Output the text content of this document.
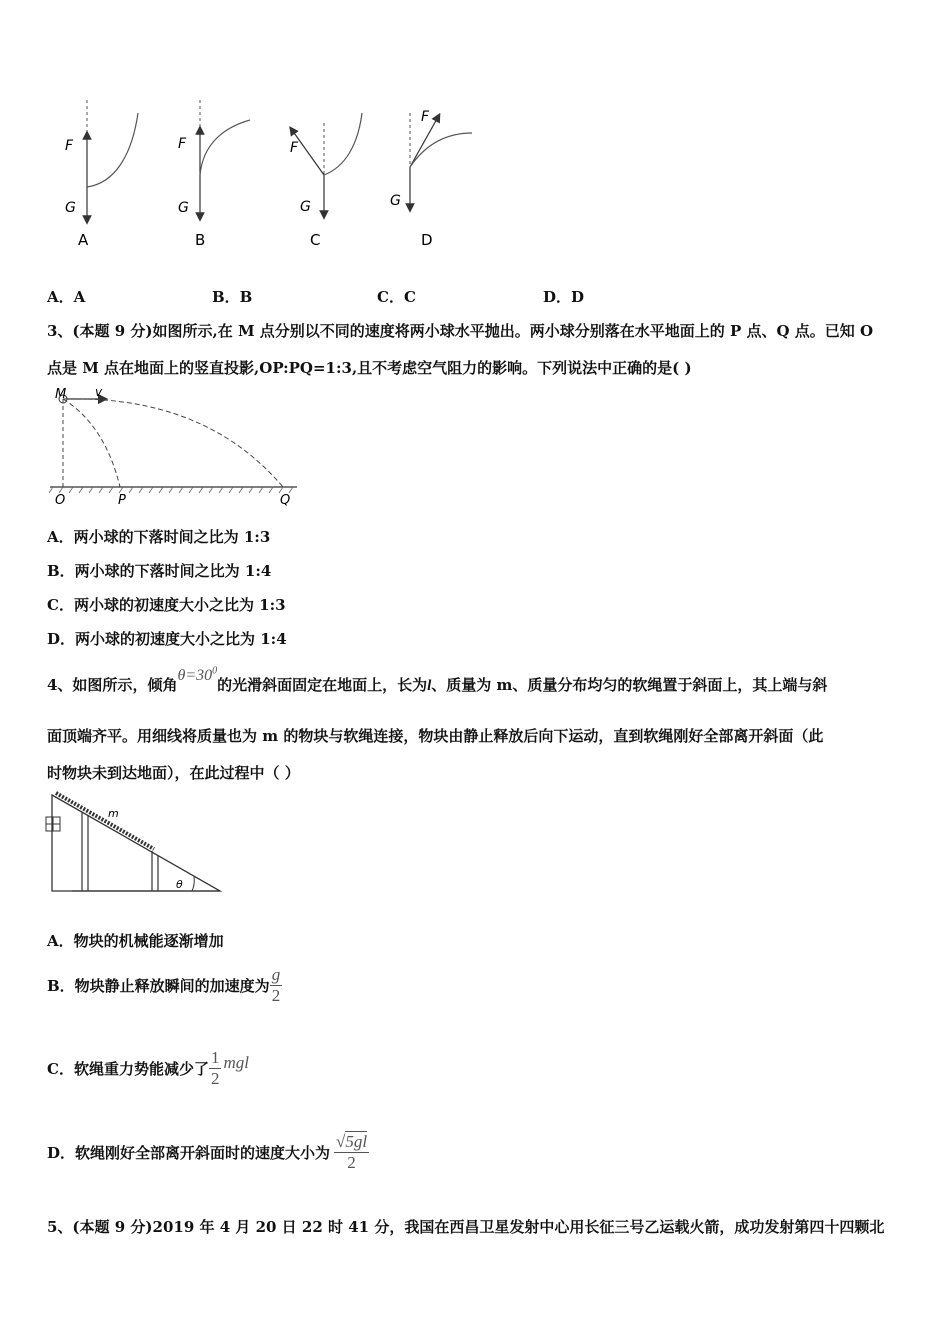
F
G
A
F
G
B
F
G
C
F
G
D
A．A	B．B	C．C	D．D
3、(本题 9 分)如图所示,在 M 点分别以不同的速度将两小球水平抛出。两小球分别落在水平地面上的 P 点、Q 点。已知 O
点是 M 点在地面上的竖直投影,OP:PQ=1:3,且不考虑空气阻力的影响。下列说法中正确的是( )
M v
O	P	Q
A．两小球的下落时间之比为 1:3
B．两小球的下落时间之比为 1:4
C．两小球的初速度大小之比为 1:3
D．两小球的初速度大小之比为 1:4
4、如图所示，倾角$\theta=30^0$的光滑斜面固定在地面上，长为l、质量为 m、质量分布均匀的软绳置于斜面上，其上端与斜
面顶端齐平。用细线将质量也为 m 的物块与软绳连接，物块由静止释放后向下运动，直到软绳刚好全部离开斜面（此
时物块未到达地面），在此过程中（ ）
m
θ
A．物块的机械能逐渐增加
B．物块静止释放瞬间的加速度为 $\frac{g}{2}$
C．软绳重力势能减少了 $\frac{1}{2}$ mgl
D．软绳刚好全部离开斜面时的速度大小为 $\frac{√5gl}{2}$
5、(本题 9 分)2019 年 4 月 20 日 22 时 41 分，我国在西昌卫星发射中心用长征三号乙运载火箭，成功发射第四十四颗北
